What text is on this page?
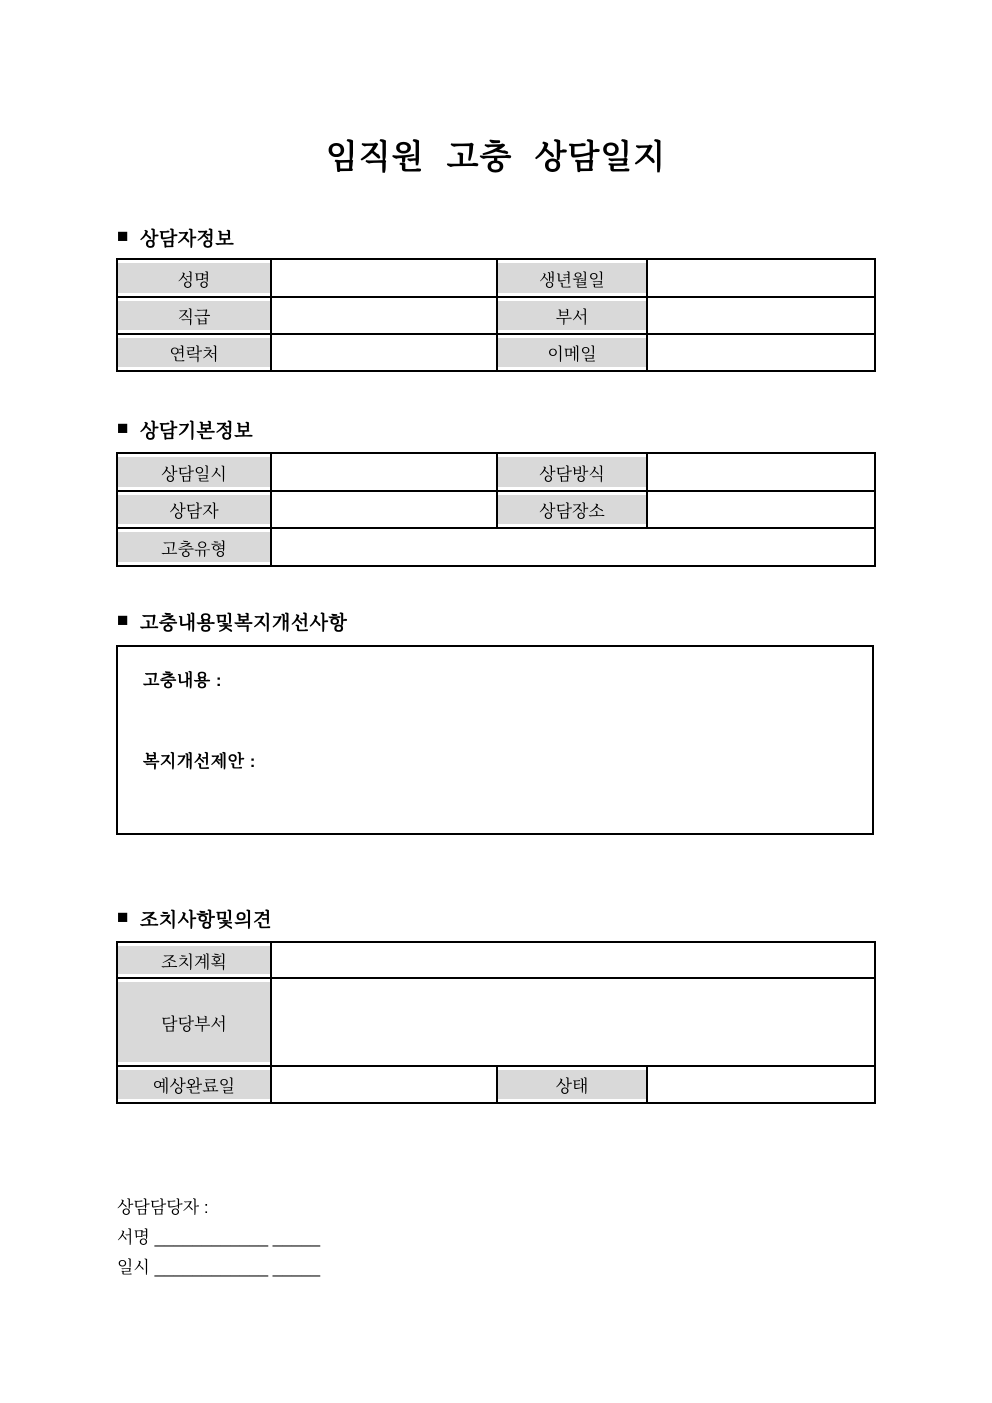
임직원 고충 상담일지
■ 상담자정보
성명		생년월일	
직급		부서	
연락처		이메일	
■ 상담기본정보
상담일시		상담방식	
상담자		상담장소	
고충유형			
■ 고충내용및복지개선사항
고충내용 :
복지개선제안 :
■ 조치사항및의견
조치계획			
담당부서			
예상완료일		상태	
상담담당자 :
서명 ____________ _____
일시 ____________ _____
